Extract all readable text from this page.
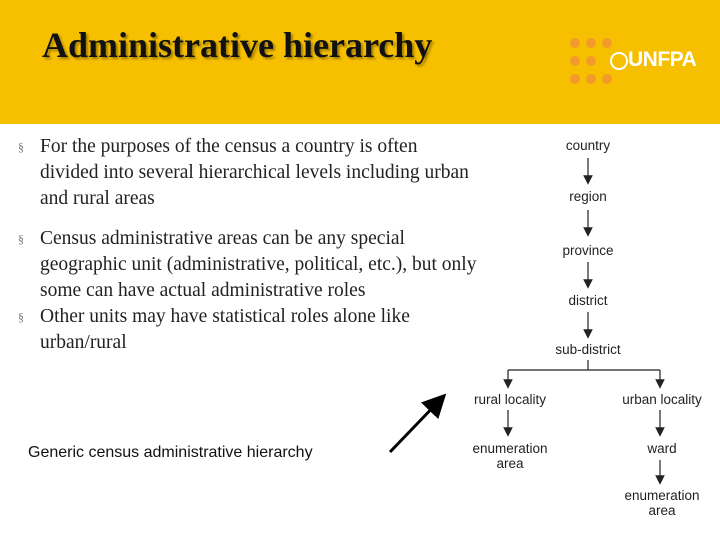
Administrative hierarchy	UNFPA
§ For the purposes of the census a country is often divided into several hierarchical levels including urban and rural areas
§ Census administrative areas can be any special geographic unit (administrative, political, etc.), but only some can have actual administrative roles
§ Other units may have statistical roles alone like urban/rural
Generic census administrative hierarchy
country
region
province
district
sub-district
rural locality	urban locality
enumeration
area
ward
enumeration
area
